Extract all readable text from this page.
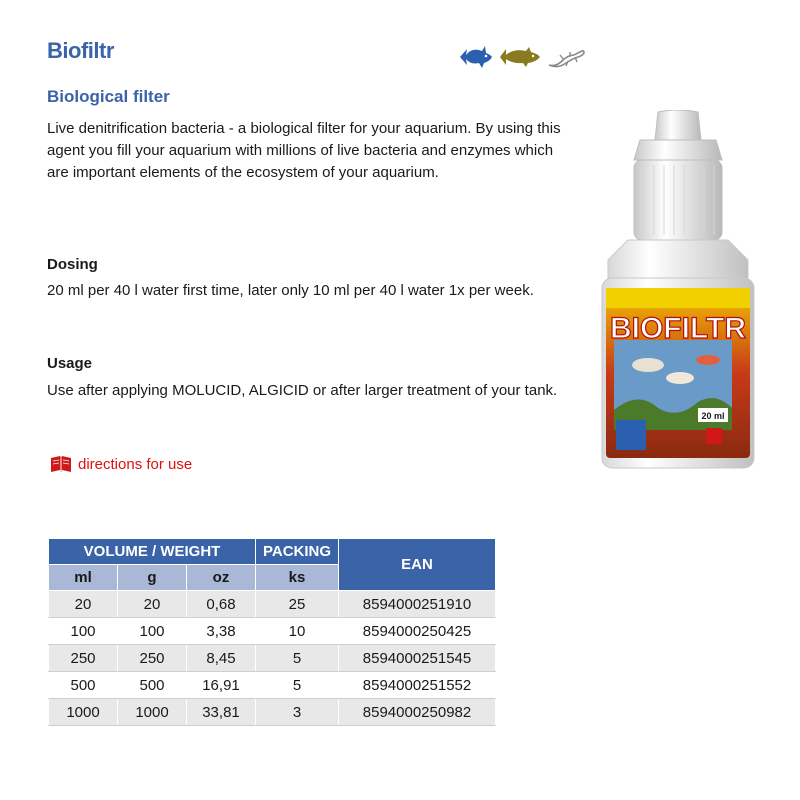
Biofiltr
Biological filter
Live denitrification bacteria - a biological filter for your aquarium. By using this agent you fill your aquarium with millions of live bacteria and enzymes which are important elements of the ecosystem of your aquarium.
Dosing
20 ml per 40 l water first time, later only 10 ml per 40 l water 1x per week.
Usage
Use after applying MOLUCID, ALGICID or after larger treatment of your tank.
directions for use
BIOFILTR
20 ml
VOLUME / WEIGHT			PACKING	EAN
ml	g	oz	ks	
20	20	0,68	25	8594000251910
100	100	3,38	10	8594000250425
250	250	8,45	5	8594000251545
500	500	16,91	5	8594000251552
1000	1000	33,81	3	8594000250982
